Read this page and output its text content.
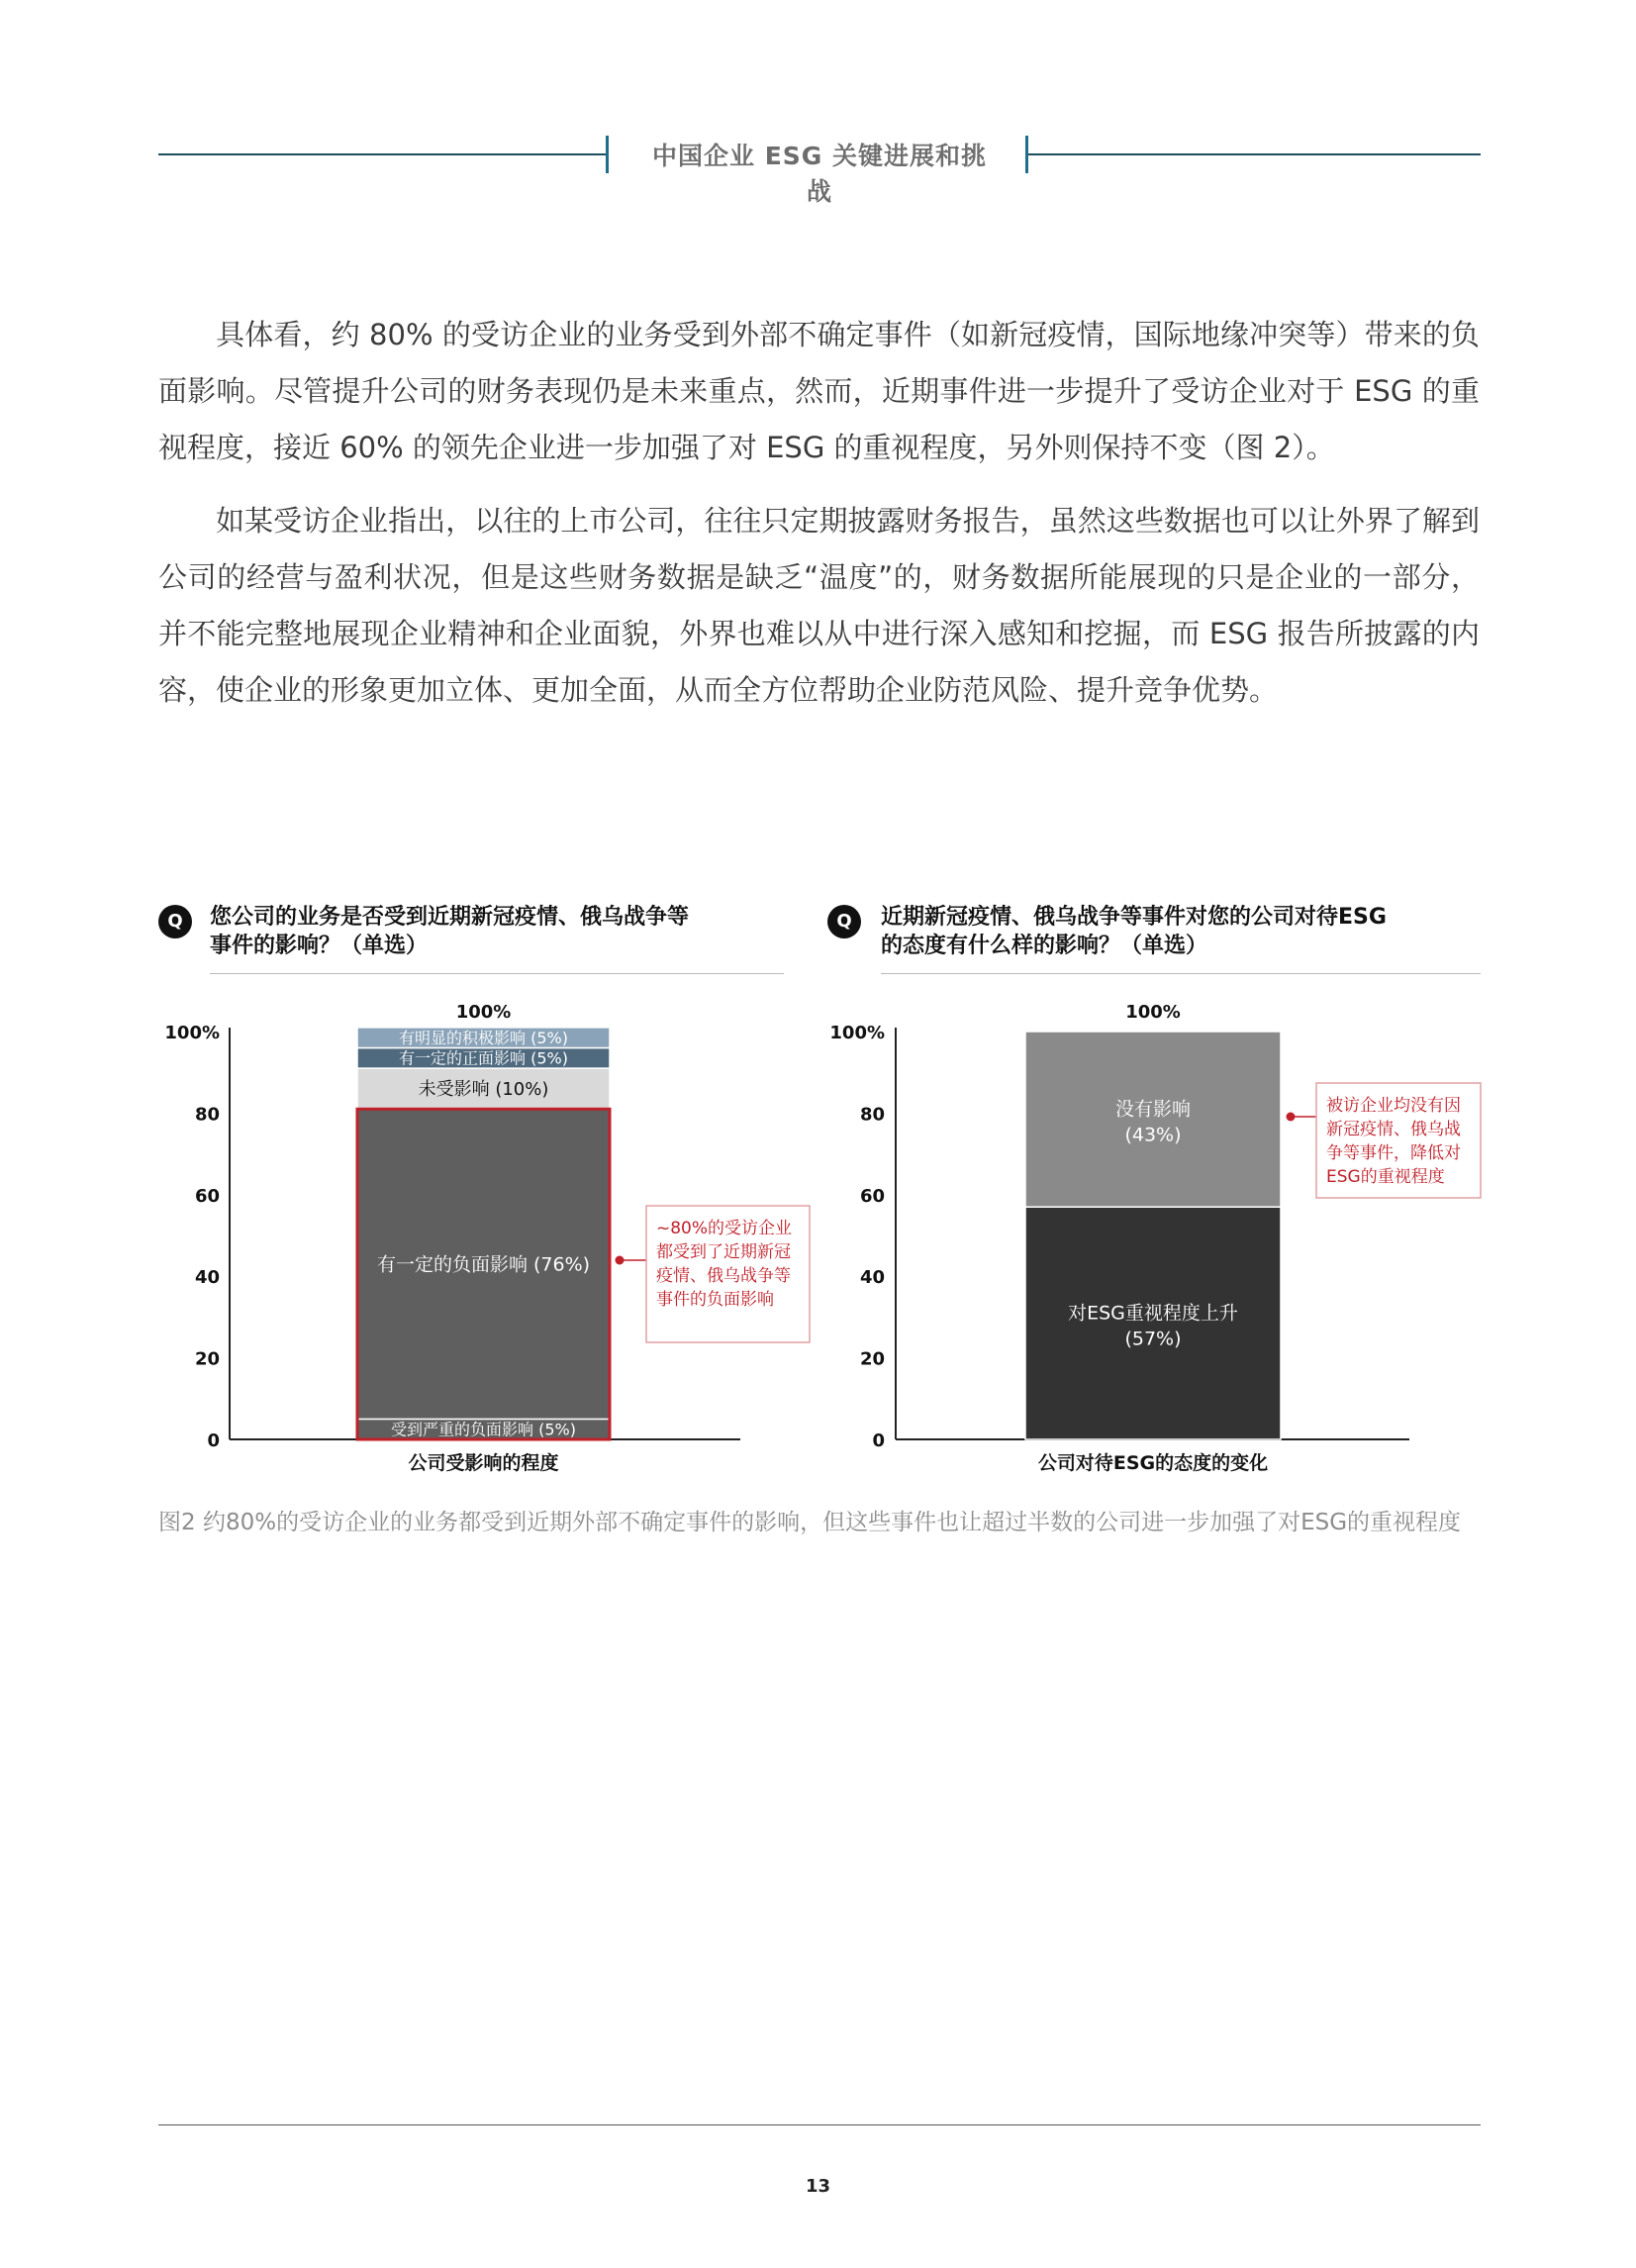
中国企业 ESG 关键进展和挑战

具体看，约 80% 的受访企业的业务受到外部不确定事件（如新冠疫情，国际地缘冲突等）带来的负面影响。尽管提升公司的财务表现仍是未来重点，然而，近期事件进一步提升了受访企业对于 ESG 的重视程度，接近 60% 的领先企业进一步加强了对 ESG 的重视程度，另外则保持不变（图 2）。

如某受访企业指出，以往的上市公司，往往只定期披露财务报告，虽然这些数据也可以让外界了解到公司的经营与盈利状况，但是这些财务数据是缺乏“温度”的，财务数据所能展现的只是企业的一部分，并不能完整地展现企业精神和企业面貌，外界也难以从中进行深入感知和挖掘，而 ESG 报告所披露的内容，使企业的形象更加立体、更加全面，从而全方位帮助企业防范风险、提升竞争优势。

Q	您公司的业务是否受到近期新冠疫情、俄乌战争等
事件的影响？（单选）

Q	近期新冠疫情、俄乌战争等事件对您的公司对待ESG
的态度有什么样的影响？（单选）

0
20
40
60
80
100%
受到严重的负面影响 (5%)
有一定的负面影响 (76%)
未受影响 (10%)
有一定的正面影响 (5%)
有明显的积极影响 (5%)
100%
公司受影响的程度
~80%的受访企业
都受到了近期新冠
疫情、俄乌战争等
事件的负面影响
0
20
40
60
80
100%
对ESG重视程度上升
(57%)
没有影响
(43%)
100%
公司对待ESG的态度的变化
被访企业均没有因
新冠疫情、俄乌战
争等事件，降低对
ESG的重视程度

图2 约80%的受访企业的业务都受到近期外部不确定事件的影响，但这些事件也让超过半数的公司进一步加强了对ESG的重视程度

13
